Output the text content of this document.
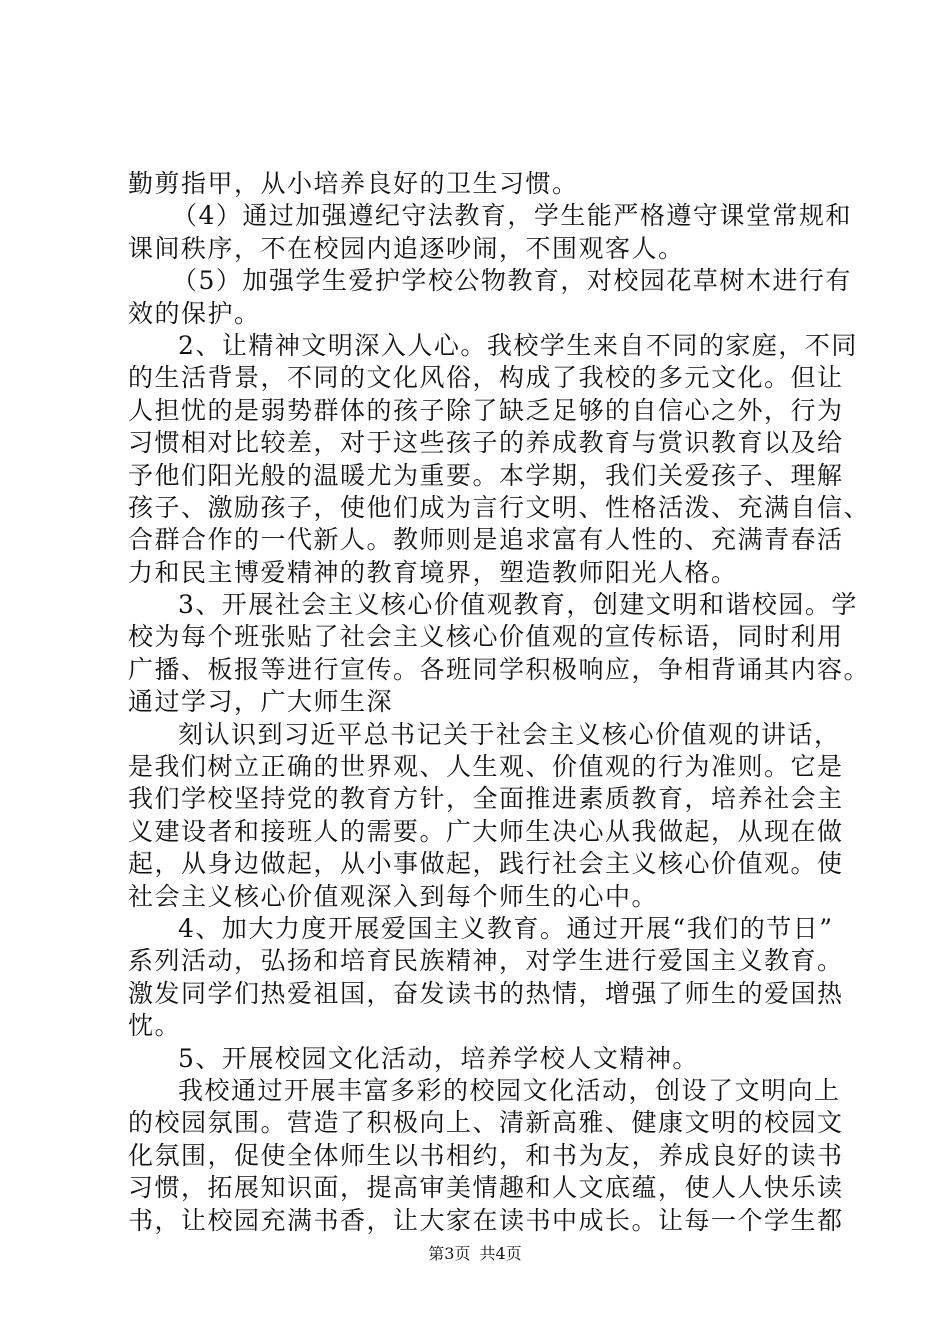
勤剪指甲，从小培养良好的卫生习惯。
（4）通过加强遵纪守法教育，学生能严格遵守课堂常规和
课间秩序，不在校园内追逐吵闹，不围观客人。
（5）加强学生爱护学校公物教育，对校园花草树木进行有
效的保护。
2、让精神文明深入人心。我校学生来自不同的家庭，不同
的生活背景，不同的文化风俗，构成了我校的多元文化。但让
人担忧的是弱势群体的孩子除了缺乏足够的自信心之外，行为
习惯相对比较差，对于这些孩子的养成教育与赏识教育以及给
予他们阳光般的温暖尤为重要。本学期，我们关爱孩子、理解
孩子、激励孩子，使他们成为言行文明、性格活泼、充满自信、
合群合作的一代新人。教师则是追求富有人性的、充满青春活
力和民主博爱精神的教育境界，塑造教师阳光人格。
3、开展社会主义核心价值观教育，创建文明和谐校园。学
校为每个班张贴了社会主义核心价值观的宣传标语，同时利用
广播、板报等进行宣传。各班同学积极响应，争相背诵其内容。
通过学习，广大师生深
刻认识到习近平总书记关于社会主义核心价值观的讲话，
是我们树立正确的世界观、人生观、价值观的行为准则。它是
我们学校坚持党的教育方针，全面推进素质教育，培养社会主
义建设者和接班人的需要。广大师生决心从我做起，从现在做
起，从身边做起，从小事做起，践行社会主义核心价值观。使
社会主义核心价值观深入到每个师生的心中。
4、加大力度开展爱国主义教育。通过开展“我们的节日”
系列活动，弘扬和培育民族精神，对学生进行爱国主义教育。
激发同学们热爱祖国，奋发读书的热情，增强了师生的爱国热
忱。
5、开展校园文化活动，培养学校人文精神。
我校通过开展丰富多彩的校园文化活动，创设了文明向上
的校园氛围。营造了积极向上、清新高雅、健康文明的校园文
化氛围，促使全体师生以书相约，和书为友，养成良好的读书
习惯，拓展知识面，提高审美情趣和人文底蕴，使人人快乐读
书，让校园充满书香，让大家在读书中成长。让每一个学生都
第3页 共4页
